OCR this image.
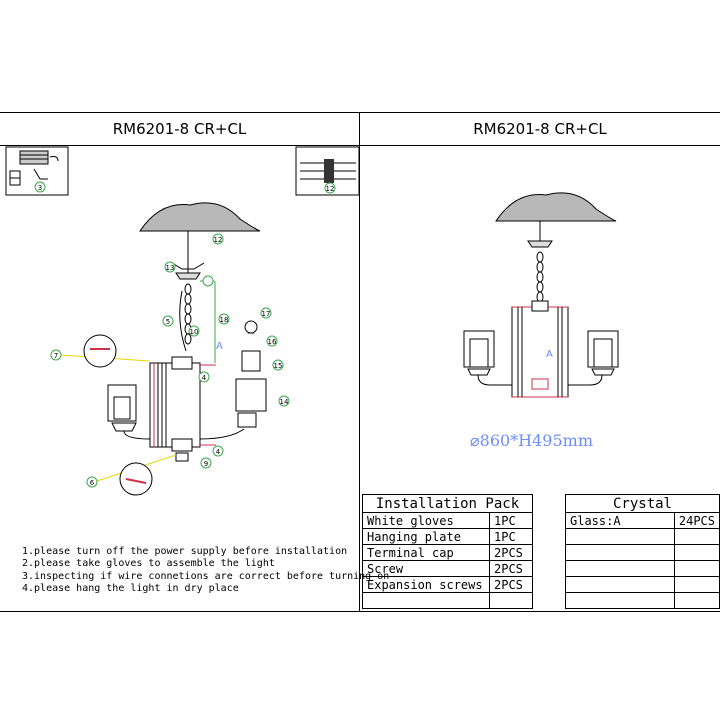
RM6201-8 CR+CL	RM6201-8 CR+CL
3	12
12
13
5
10
18
A
4
4
9
16
17
15
14
7
6
A
⌀860*H495mm
1.please turn off the power supply before installation
2.please take gloves to assemble the light
3.inspecting if wire connetions are correct before turning on
4.please hang the light in dry place
Installation Pack	
White gloves	1PC
Hanging plate	1PC
Terminal cap	2PCS
Screw	2PCS
Expansion screws	2PCS

Crystal	
Glass:A	24PCS
